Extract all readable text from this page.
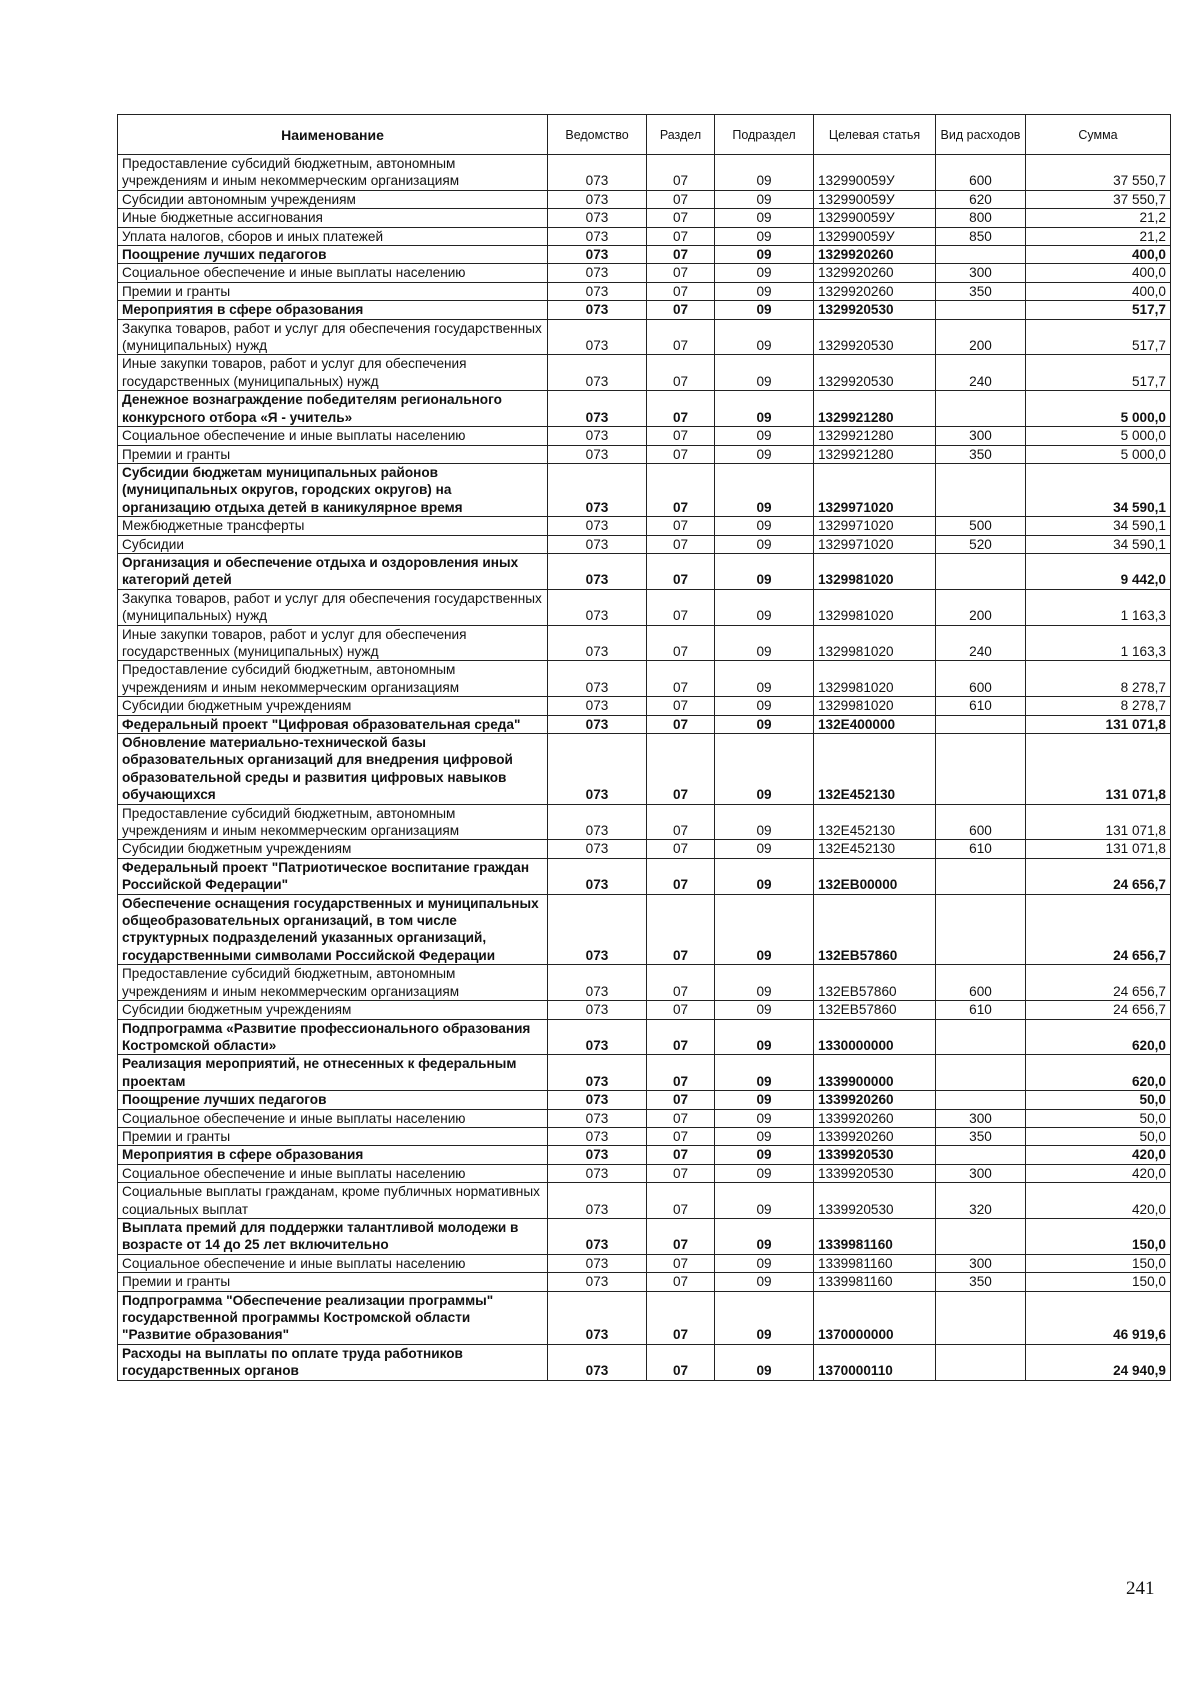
Наименование	Ведомство	Раздел	Подраздел	Целевая статья	Вид расходов	Сумма
Предоставление субсидий бюджетным, автономным учреждениям и иным некоммерческим организациям	073	07	09	132990059У	600	37 550,7
Субсидии автономным учреждениям	073	07	09	132990059У	620	37 550,7
Иные бюджетные ассигнования	073	07	09	132990059У	800	21,2
Уплата налогов, сборов и иных платежей	073	07	09	132990059У	850	21,2
Поощрение лучших педагогов	073	07	09	1329920260		400,0
Социальное обеспечение и иные выплаты населению	073	07	09	1329920260	300	400,0
Премии и гранты	073	07	09	1329920260	350	400,0
Мероприятия в сфере образования	073	07	09	1329920530		517,7
Закупка товаров, работ и услуг для обеспечения государственных (муниципальных) нужд	073	07	09	1329920530	200	517,7
Иные закупки товаров, работ и услуг для обеспечения государственных (муниципальных) нужд	073	07	09	1329920530	240	517,7
Денежное вознаграждение победителям регионального конкурсного отбора «Я - учитель»	073	07	09	1329921280		5 000,0
Социальное обеспечение и иные выплаты населению	073	07	09	1329921280	300	5 000,0
Премии и гранты	073	07	09	1329921280	350	5 000,0
Субсидии бюджетам муниципальных районов (муниципальных округов, городских округов) на организацию отдыха детей в каникулярное время	073	07	09	1329971020		34 590,1
Межбюджетные трансферты	073	07	09	1329971020	500	34 590,1
Субсидии	073	07	09	1329971020	520	34 590,1
Организация и обеспечение отдыха и оздоровления иных категорий детей	073	07	09	1329981020		9 442,0
Закупка товаров, работ и услуг для обеспечения государственных (муниципальных) нужд	073	07	09	1329981020	200	1 163,3
Иные закупки товаров, работ и услуг для обеспечения государственных (муниципальных) нужд	073	07	09	1329981020	240	1 163,3
Предоставление субсидий бюджетным, автономным учреждениям и иным некоммерческим организациям	073	07	09	1329981020	600	8 278,7
Субсидии бюджетным учреждениям	073	07	09	1329981020	610	8 278,7
Федеральный проект "Цифровая образовательная среда"	073	07	09	132Е400000		131 071,8
Обновление материально-технической базы образовательных организаций для внедрения цифровой образовательной среды и развития цифровых навыков обучающихся	073	07	09	132Е452130		131 071,8
Предоставление субсидий бюджетным, автономным учреждениям и иным некоммерческим организациям	073	07	09	132Е452130	600	131 071,8
Субсидии бюджетным учреждениям	073	07	09	132Е452130	610	131 071,8
Федеральный проект "Патриотическое воспитание граждан Российской Федерации"	073	07	09	132ЕВ00000		24 656,7
Обеспечение оснащения государственных и муниципальных общеобразовательных организаций, в том числе структурных подразделений указанных организаций, государственными символами Российской Федерации	073	07	09	132ЕВ57860		24 656,7
Предоставление субсидий бюджетным, автономным учреждениям и иным некоммерческим организациям	073	07	09	132ЕВ57860	600	24 656,7
Субсидии бюджетным учреждениям	073	07	09	132ЕВ57860	610	24 656,7
Подпрограмма «Развитие профессионального образования Костромской области»	073	07	09	1330000000		620,0
Реализация мероприятий, не отнесенных к федеральным проектам	073	07	09	1339900000		620,0
Поощрение лучших педагогов	073	07	09	1339920260		50,0
Социальное обеспечение и иные выплаты населению	073	07	09	1339920260	300	50,0
Премии и гранты	073	07	09	1339920260	350	50,0
Мероприятия в сфере образования	073	07	09	1339920530		420,0
Социальное обеспечение и иные выплаты населению	073	07	09	1339920530	300	420,0
Социальные выплаты гражданам, кроме публичных нормативных социальных выплат	073	07	09	1339920530	320	420,0
Выплата премий для поддержки талантливой молодежи в возрасте от 14 до 25 лет включительно	073	07	09	1339981160		150,0
Социальное обеспечение и иные выплаты населению	073	07	09	1339981160	300	150,0
Премии и гранты	073	07	09	1339981160	350	150,0
Подпрограмма "Обеспечение реализации программы" государственной программы Костромской области "Развитие образования"	073	07	09	1370000000		46 919,6
Расходы на выплаты по оплате труда работников государственных органов	073	07	09	1370000110		24 940,9
241
